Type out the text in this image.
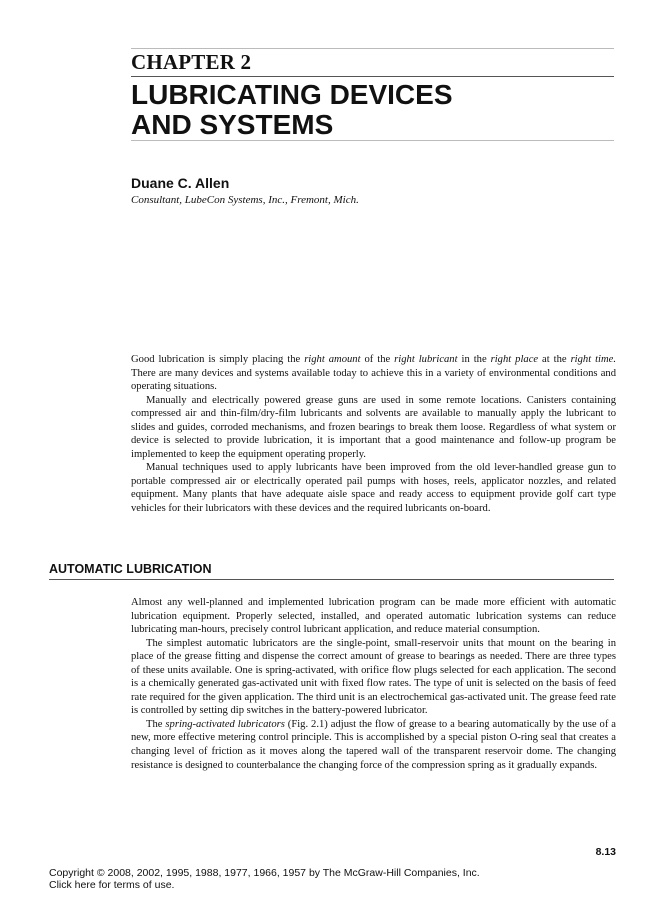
CHAPTER 2
LUBRICATING DEVICES
AND SYSTEMS
Duane C. Allen
Consultant, LubeCon Systems, Inc., Fremont, Mich.

Good lubrication is simply placing the right amount of the right lubricant in the right place at the right time. There are many devices and systems available today to achieve this in a variety of environmental conditions and operating situations.

Manually and electrically powered grease guns are used in some remote locations. Canisters containing compressed air and thin-film/dry-film lubricants and solvents are available to manually apply the lubricant to slides and guides, corroded mechanisms, and frozen bearings to break them loose. Regardless of what system or device is selected to provide lubrication, it is important that a good maintenance and follow-up program be implemented to keep the equipment operating properly.

Manual techniques used to apply lubricants have been improved from the old lever-handled grease gun to portable compressed air or electrically operated pail pumps with hoses, reels, applicator nozzles, and related equipment. Many plants that have adequate aisle space and ready access to equipment provide golf cart type vehicles for their lubricators with these devices and the required lubricants on-board.

AUTOMATIC LUBRICATION

Almost any well-planned and implemented lubrication program can be made more efficient with automatic lubrication equipment. Properly selected, installed, and operated automatic lubrication systems can reduce lubricating man-hours, precisely control lubricant application, and reduce material consumption.

The simplest automatic lubricators are the single-point, small-reservoir units that mount on the bearing in place of the grease fitting and dispense the correct amount of grease to bearings as needed. There are three types of these units available. One is spring-activated, with orifice flow plugs selected for each application. The second is a chemically generated gas-activated unit with fixed flow rates. The type of unit is selected on the basis of feed rate required for the given application. The third unit is an electrochemical gas-activated unit. The grease feed rate is controlled by setting dip switches in the battery-powered lubricator.

The spring-activated lubricators (Fig. 2.1) adjust the flow of grease to a bearing automatically by the use of a new, more effective metering control principle. This is accomplished by a special piston O-ring seal that creates a changing level of friction as it moves along the tapered wall of the transparent reservoir dome. The changing resistance is designed to counterbalance the changing force of the compression spring as it gradually expands.

8.13
Copyright © 2008, 2002, 1995, 1988, 1977, 1966, 1957 by The McGraw-Hill Companies, Inc.
Click here for terms of use.
